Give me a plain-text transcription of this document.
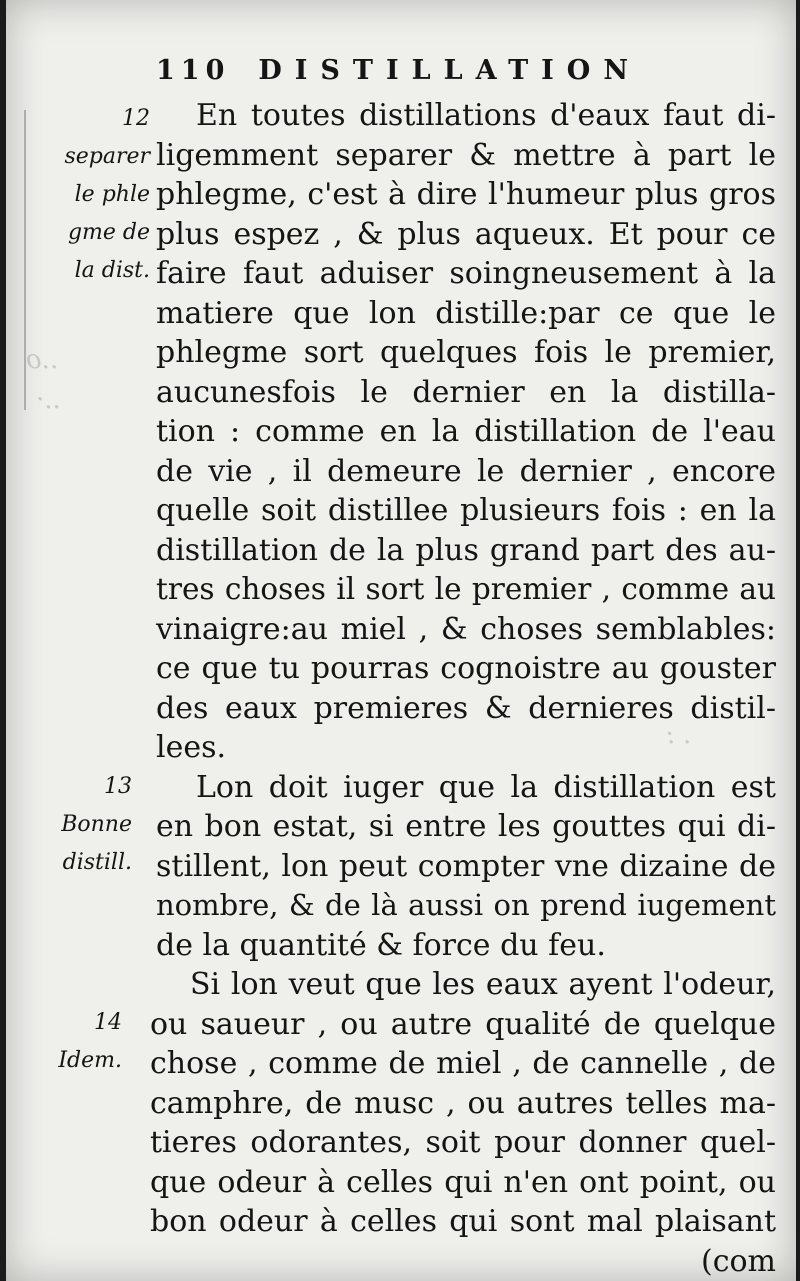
..ο
..·
. :
110 DISTILLATION
12
separer
le phle
gme de
la dist.
13
Bonne
distill.
14
Idem.
En toutes distillations d'eaux faut di-
ligemment separer & mettre à part le
phlegme, c'est à dire l'humeur plus gros
plus espez , & plus aqueux. Et pour ce
faire faut aduiser soingneusement à la
matiere que lon distille:par ce que le
phlegme sort quelques fois le premier,
aucunesfois le dernier en la distilla-
tion : comme en la distillation de l'eau
de vie , il demeure le dernier , encore
quelle soit distillee plusieurs fois : en la
distillation de la plus grand part des au-
tres choses il sort le premier , comme au
vinaigre:au miel , & choses semblables:
ce que tu pourras cognoistre au gouster
des eaux premieres & dernieres distil-
lees.
Lon doit iuger que la distillation est
en bon estat, si entre les gouttes qui di-
stillent, lon peut compter vne dizaine de
nombre, & de là aussi on prend iugement
de la quantité & force du feu.
Si lon veut que les eaux ayent l'odeur,
ou saueur , ou autre qualité de quelque
chose , comme de miel , de cannelle , de
camphre, de musc , ou autres telles ma-
tieres odorantes, soit pour donner quel-
que odeur à celles qui n'en ont point, ou
bon odeur à celles qui sont mal plaisant
(com
